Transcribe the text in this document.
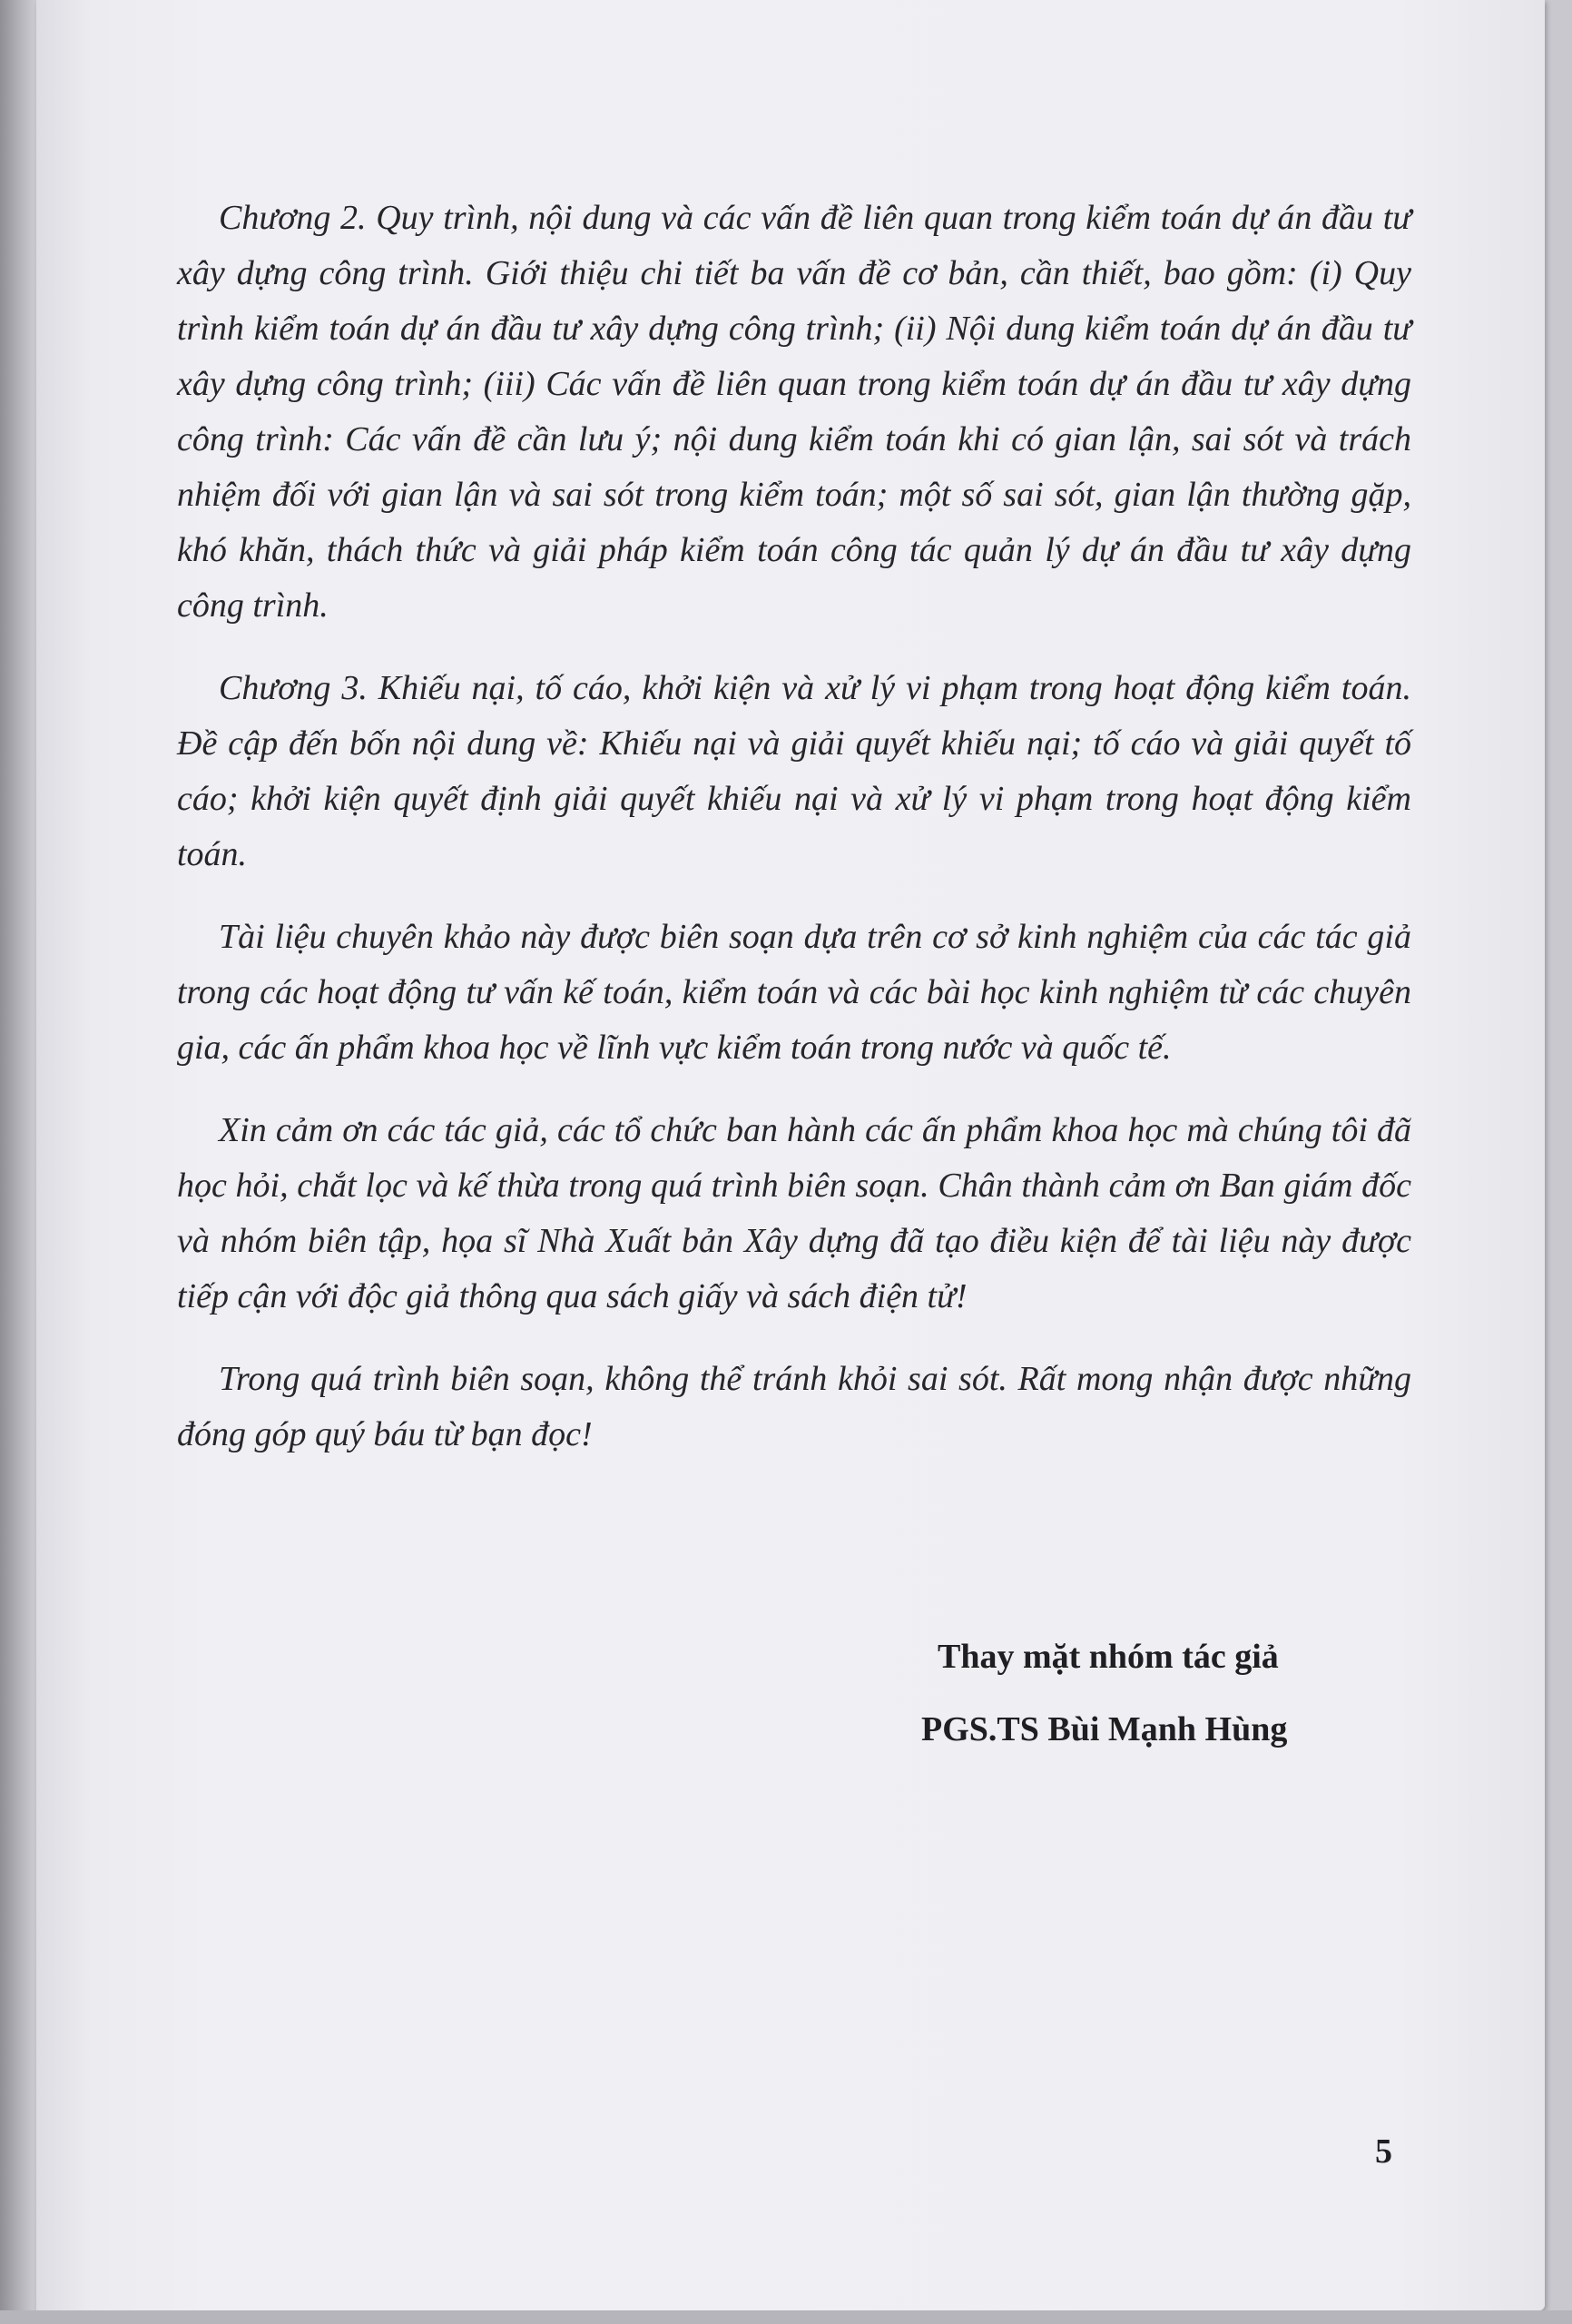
Chương 2. Quy trình, nội dung và các vấn đề liên quan trong kiểm toán dự án đầu tư xây dựng công trình. Giới thiệu chi tiết ba vấn đề cơ bản, cần thiết, bao gồm: (i) Quy trình kiểm toán dự án đầu tư xây dựng công trình; (ii) Nội dung kiểm toán dự án đầu tư xây dựng công trình; (iii) Các vấn đề liên quan trong kiểm toán dự án đầu tư xây dựng công trình: Các vấn đề cần lưu ý; nội dung kiểm toán khi có gian lận, sai sót và trách nhiệm đối với gian lận và sai sót trong kiểm toán; một số sai sót, gian lận thường gặp, khó khăn, thách thức và giải pháp kiểm toán công tác quản lý dự án đầu tư xây dựng công trình.

Chương 3. Khiếu nại, tố cáo, khởi kiện và xử lý vi phạm trong hoạt động kiểm toán. Đề cập đến bốn nội dung về: Khiếu nại và giải quyết khiếu nại; tố cáo và giải quyết tố cáo; khởi kiện quyết định giải quyết khiếu nại và xử lý vi phạm trong hoạt động kiểm toán.

Tài liệu chuyên khảo này được biên soạn dựa trên cơ sở kinh nghiệm của các tác giả trong các hoạt động tư vấn kế toán, kiểm toán và các bài học kinh nghiệm từ các chuyên gia, các ấn phẩm khoa học về lĩnh vực kiểm toán trong nước và quốc tế.

Xin cảm ơn các tác giả, các tổ chức ban hành các ấn phẩm khoa học mà chúng tôi đã học hỏi, chắt lọc và kế thừa trong quá trình biên soạn. Chân thành cảm ơn Ban giám đốc và nhóm biên tập, họa sĩ Nhà Xuất bản Xây dựng đã tạo điều kiện để tài liệu này được tiếp cận với độc giả thông qua sách giấy và sách điện tử!

Trong quá trình biên soạn, không thể tránh khỏi sai sót. Rất mong nhận được những đóng góp quý báu từ bạn đọc!

Thay mặt nhóm tác giả
PGS.TS Bùi Mạnh Hùng
5
